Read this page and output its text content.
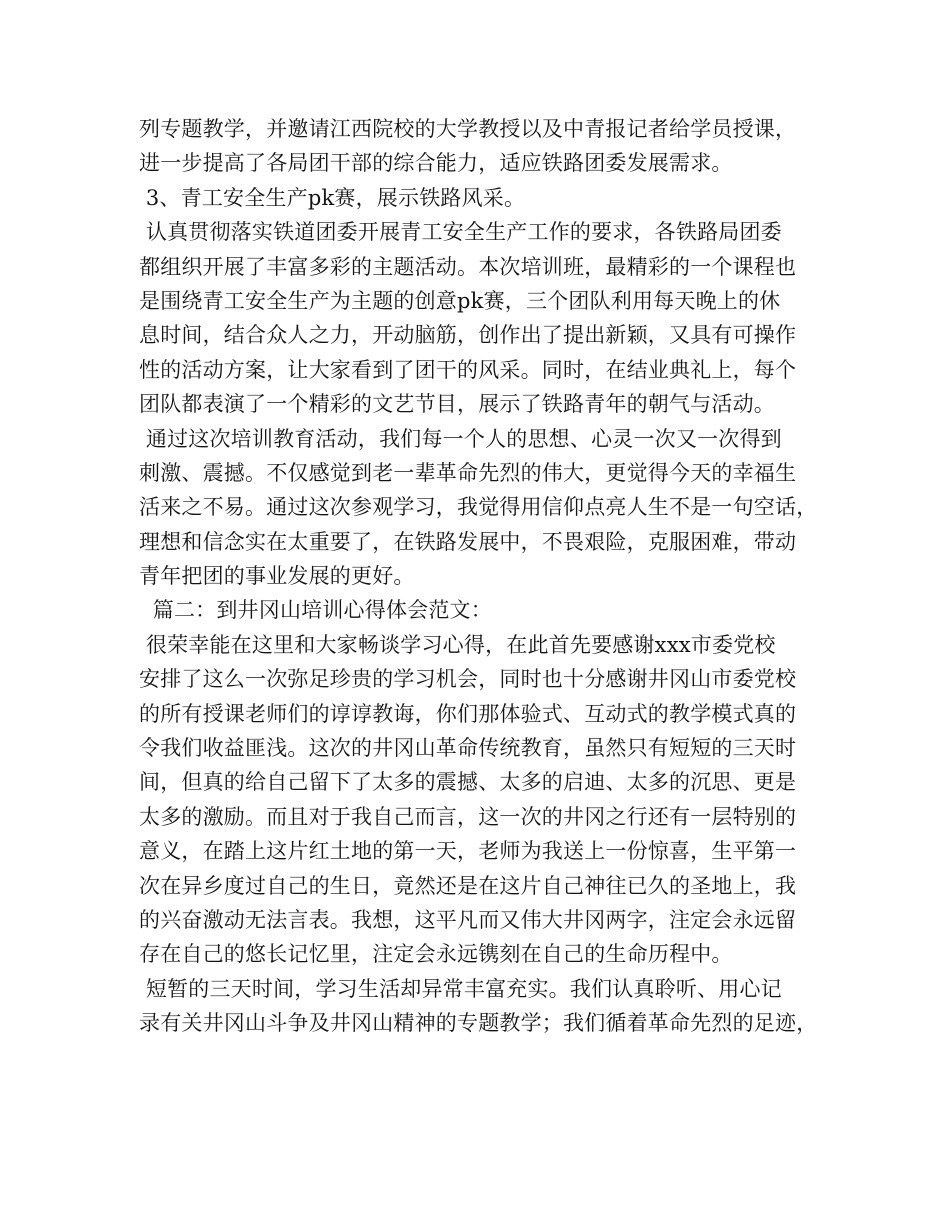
列专题教学，并邀请江西院校的大学教授以及中青报记者给学员授课，
进一步提高了各局团干部的综合能力，适应铁路团委发展需求。
3、青工安全生产pk赛，展示铁路风采。
认真贯彻落实铁道团委开展青工安全生产工作的要求，各铁路局团委
都组织开展了丰富多彩的主题活动。本次培训班，最精彩的一个课程也
是围绕青工安全生产为主题的创意pk赛，三个团队利用每天晚上的休
息时间，结合众人之力，开动脑筋，创作出了提出新颖，又具有可操作
性的活动方案，让大家看到了团干的风采。同时，在结业典礼上，每个
团队都表演了一个精彩的文艺节目，展示了铁路青年的朝气与活动。
通过这次培训教育活动，我们每一个人的思想、心灵一次又一次得到
刺激、震撼。不仅感觉到老一辈革命先烈的伟大，更觉得今天的幸福生
活来之不易。通过这次参观学习，我觉得用信仰点亮人生不是一句空话，
理想和信念实在太重要了，在铁路发展中，不畏艰险，克服困难，带动
青年把团的事业发展的更好。
篇二：到井冈山培训心得体会范文：
很荣幸能在这里和大家畅谈学习心得，在此首先要感谢xxx市委党校
安排了这么一次弥足珍贵的学习机会，同时也十分感谢井冈山市委党校
的所有授课老师们的谆谆教诲，你们那体验式、互动式的教学模式真的
令我们收益匪浅。这次的井冈山革命传统教育，虽然只有短短的三天时
间，但真的给自己留下了太多的震撼、太多的启迪、太多的沉思、更是
太多的激励。而且对于我自己而言，这一次的井冈之行还有一层特别的
意义，在踏上这片红土地的第一天，老师为我送上一份惊喜，生平第一
次在异乡度过自己的生日，竟然还是在这片自己神往已久的圣地上，我
的兴奋激动无法言表。我想，这平凡而又伟大井冈两字，注定会永远留
存在自己的悠长记忆里，注定会永远镌刻在自己的生命历程中。
短暂的三天时间，学习生活却异常丰富充实。我们认真聆听、用心记
录有关井冈山斗争及井冈山精神的专题教学；我们循着革命先烈的足迹，
